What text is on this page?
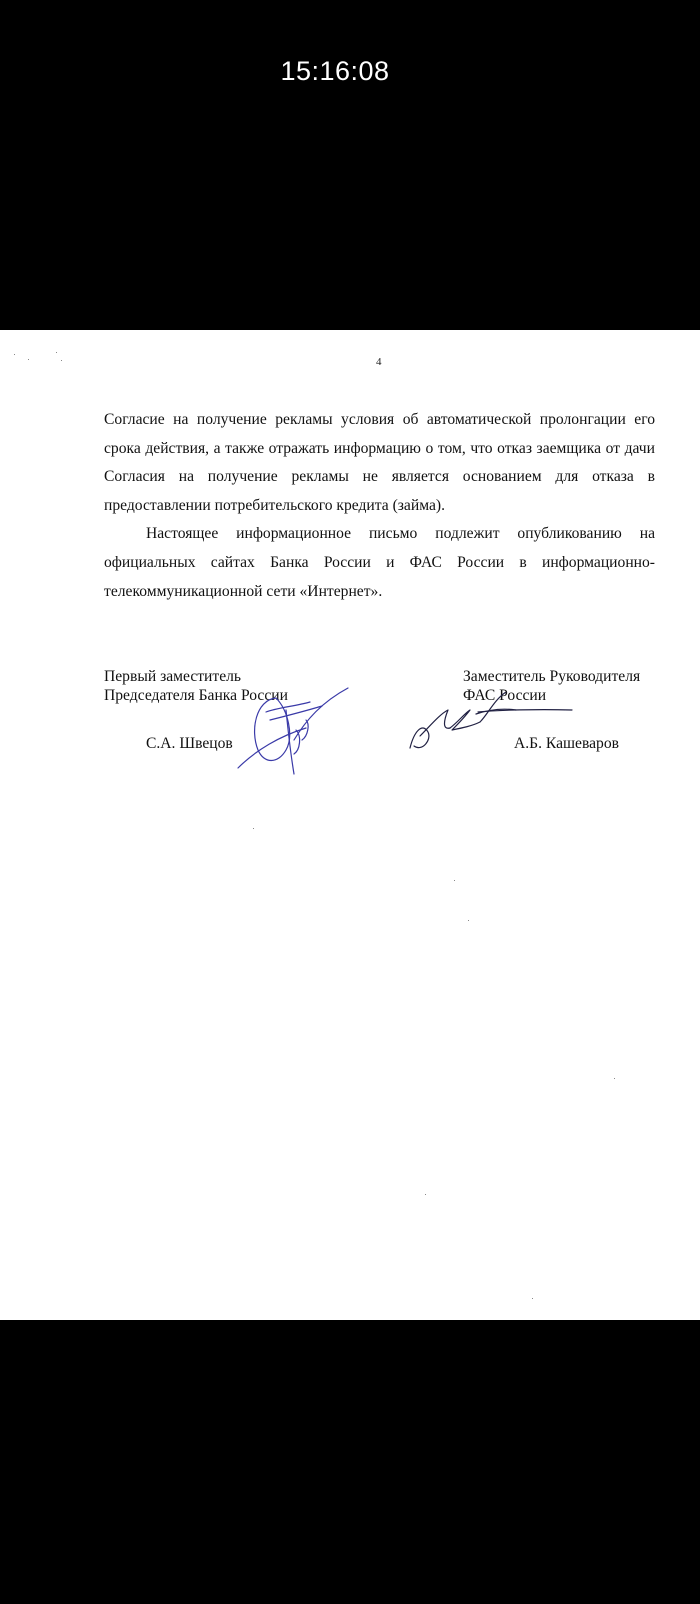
15:16:08
4

Согласие на получение рекламы условия об автоматической пролонгации его срока действия, а также отражать информацию о том, что отказ заемщика от дачи Согласия на получение рекламы не является основанием для отказа в предоставлении потребительского кредита (займа).

Настоящее информационное письмо подлежит опубликованию на официальных сайтах Банка России и ФАС России в информационно-телекоммуникационной сети «Интернет».

Первый заместитель
Председателя Банка России
Заместитель Руководителя
ФАС России
С.А. Швецов	А.Б. Кашеваров
